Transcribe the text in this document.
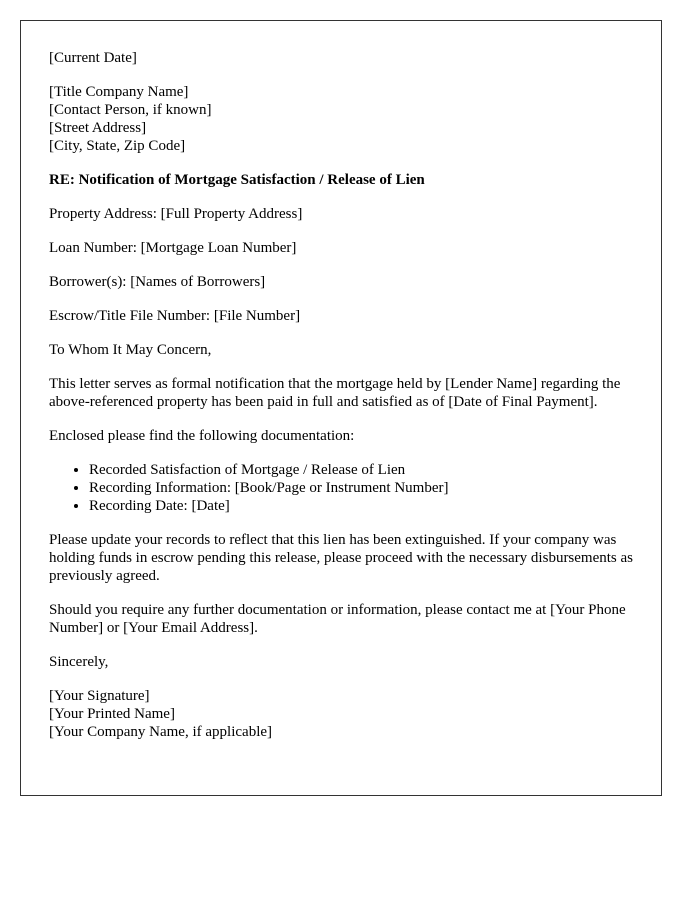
[Current Date]

[Title Company Name]
[Contact Person, if known]
[Street Address]
[City, State, Zip Code]

RE: Notification of Mortgage Satisfaction / Release of Lien

Property Address: [Full Property Address]

Loan Number: [Mortgage Loan Number]

Borrower(s): [Names of Borrowers]

Escrow/Title File Number: [File Number]

To Whom It May Concern,

This letter serves as formal notification that the mortgage held by [Lender Name] regarding the above-referenced property has been paid in full and satisfied as of [Date of Final Payment].

Enclosed please find the following documentation:

• Recorded Satisfaction of Mortgage / Release of Lien
• Recording Information: [Book/Page or Instrument Number]
• Recording Date: [Date]

Please update your records to reflect that this lien has been extinguished. If your company was holding funds in escrow pending this release, please proceed with the necessary disbursements as previously agreed.

Should you require any further documentation or information, please contact me at [Your Phone Number] or [Your Email Address].

Sincerely,

[Your Signature]
[Your Printed Name]
[Your Company Name, if applicable]
